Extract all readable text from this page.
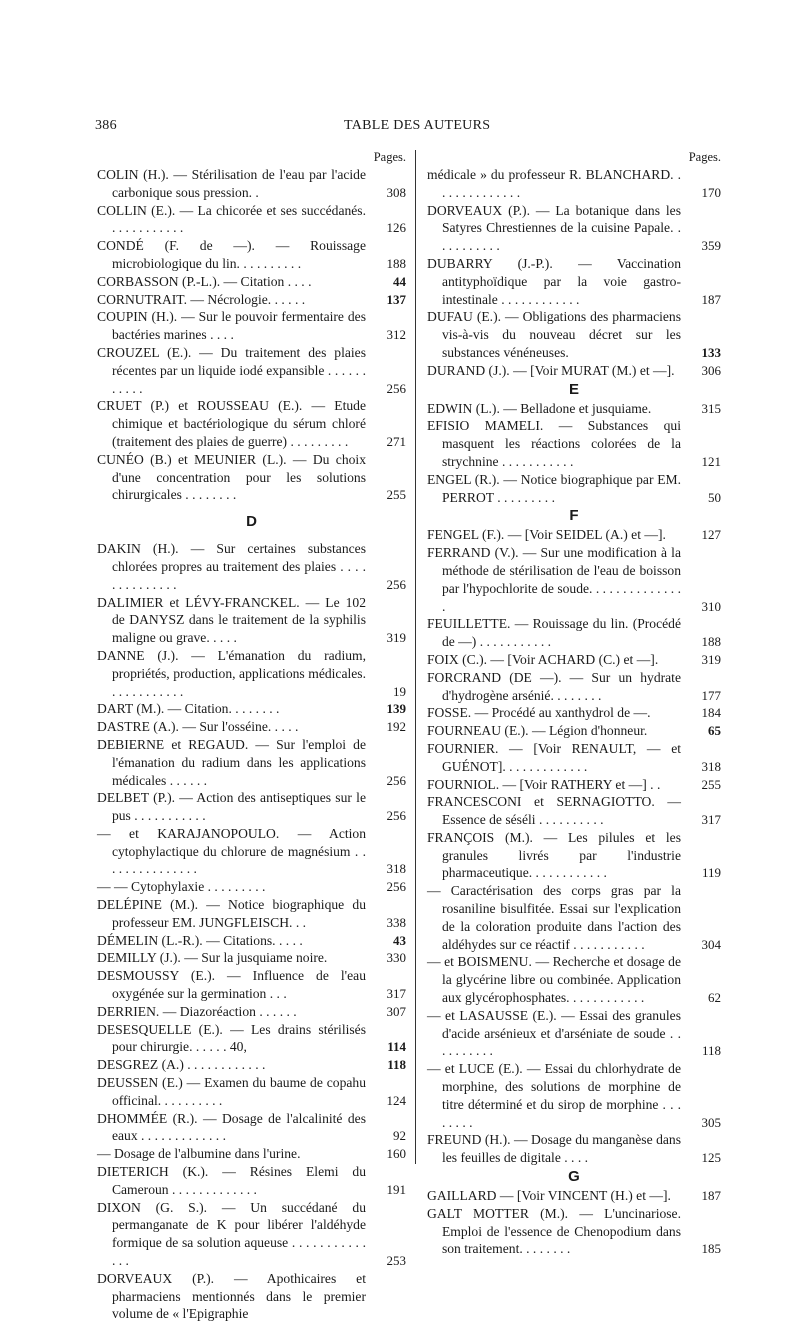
386	TABLE DES AUTEURS
Pages.
COLIN (H.). — Stérilisation de l'eau par l'acide carbonique sous pression. .	308
COLLIN (E.). — La chicorée et ses succédanés. . . . . . . . . . . .	126
CONDÉ (F. de —). — Rouissage microbiologique du lin. . . . . . . . . .	188
CORBASSON (P.-L.). — Citation . . . .	44
CORNUTRAIT. — Nécrologie. . . . . .	137
COUPIN (H.). — Sur le pouvoir fermentaire des bactéries marines . . . .	312
CROUZEL (E.). — Du traitement des plaies récentes par un liquide iodé expansible . . . . . . . . . . .	256
CRUET (P.) et ROUSSEAU (E.). — Etude chimique et bactériologique du sérum chloré (traitement des plaies de guerre) . . . . . . . . .	271
CUNÉO (B.) et MEUNIER (L.). — Du choix d'une concentration pour les solutions chirurgicales . . . . . . . .	255
D
DAKIN (H.). — Sur certaines substances chlorées propres au traitement des plaies . . . . . . . . . . . . . .	256
DALIMIER et LÉVY-FRANCKEL. — Le 102 de DANYSZ dans le traitement de la syphilis maligne ou grave. . . . .	319
DANNE (J.). — L'émanation du radium, propriétés, production, applications médicales. . . . . . . . . . . .	19
DART (M.). — Citation. . . . . . . .	139
DASTRE (A.). — Sur l'osséine. . . . .	192
DEBIERNE et REGAUD. — Sur l'emploi de l'émanation du radium dans les applications médicales . . . . . .	256
DELBET (P.). — Action des antiseptiques sur le pus . . . . . . . . . . .	256
— et KARAJANOPOULO. — Action cytophylactique du chlorure de magnésium . . . . . . . . . . . . . . .	318
— — Cytophylaxie . . . . . . . . .	256
DELÉPINE (M.). — Notice biographique du professeur EM. JUNGFLEISCH. . .	338
DÉMELIN (L.-R.). — Citations. . . . .	43
DEMILLY (J.). — Sur la jusquiame noire.	330
DESMOUSSY (E.). — Influence de l'eau oxygénée sur la germination . . .	317
DERRIEN. — Diazoréaction . . . . . .	307
DESESQUELLE (E.). — Les drains stérilisés pour chirurgie. . . . . . 40,	114
DESGREZ (A.) . . . . . . . . . . . .	118
DEUSSEN (E.) — Examen du baume de copahu officinal. . . . . . . . . .	124
DHOMMÉE (R.). — Dosage de l'alcalinité des eaux . . . . . . . . . . . . .	92
— Dosage de l'albumine dans l'urine.	160
DIETERICH (K.). — Résines Elemi du Cameroun . . . . . . . . . . . . .	191
DIXON (G. S.). — Un succédané du permanganate de K pour libérer l'aldéhyde formique de sa solution aqueuse . . . . . . . . . . . . . .	253
DORVEAUX (P.). — Apothicaires et pharmaciens mentionnés dans le premier volume de « l'Epigraphie
Pages.
médicale » du professeur R. BLANCHARD. . . . . . . . . . . . . .	170
DORVEAUX (P.). — La botanique dans les Satyres Chrestiennes de la cuisine Papale. . . . . . . . . . .	359
DUBARRY (J.-P.). — Vaccination antityphoïdique par la voie gastro-intestinale . . . . . . . . . . . .	187
DUFAU (E.). — Obligations des pharmaciens vis-à-vis du nouveau décret sur les substances vénéneuses.	133
DURAND (J.). — [Voir MURAT (M.) et —].	306
E
EDWIN (L.). — Belladone et jusquiame.	315
EFISIO MAMELI. — Substances qui masquent les réactions colorées de la strychnine . . . . . . . . . . .	121
ENGEL (R.). — Notice biographique par EM. PERROT . . . . . . . . .	50
F
FENGEL (F.). — [Voir SEIDEL (A.) et —].	127
FERRAND (V.). — Sur une modification à la méthode de stérilisation de l'eau de boisson par l'hypochlorite de soude. . . . . . . . . . . . . . .	310
FEUILLETTE. — Rouissage du lin. (Procédé de —) . . . . . . . . . . .	188
FOIX (C.). — [Voir ACHARD (C.) et —].	319
FORCRAND (DE —). — Sur un hydrate d'hydrogène arsénié. . . . . . . .	177
FOSSE. — Procédé au xanthydrol de —.	184
FOURNEAU (E.). — Légion d'honneur.	65
FOURNIER. — [Voir RENAULT, — et GUÉNOT]. . . . . . . . . . . . .	318
FOURNIOL. — [Voir RATHERY et —] . .	255
FRANCESCONI et SERNAGIOTTO. — Essence de séséli . . . . . . . . . .	317
FRANÇOIS (M.). — Les pilules et les granules livrés par l'industrie pharmaceutique. . . . . . . . . . . .	119
— Caractérisation des corps gras par la rosaniline bisulfitée. Essai sur l'explication de la coloration produite dans l'action des aldéhydes sur ce réactif . . . . . . . . . . .	304
— et BOISMENU. — Recherche et dosage de la glycérine libre ou combinée. Application aux glycérophosphates. . . . . . . . . . . .	62
— et LASAUSSE (E.). — Essai des granules d'acide arsénieux et d'arséniate de soude . . . . . . . . . .	118
— et LUCE (E.). — Essai du chlorhydrate de morphine, des solutions de morphine de titre déterminé et du sirop de morphine . . . . . . . .	305
FREUND (H.). — Dosage du manganèse dans les feuilles de digitale . . . .	125
G
GAILLARD — [Voir VINCENT (H.) et —].	187
GALT MOTTER (M.). — L'uncinariose. Emploi de l'essence de Chenopodium dans son traitement. . . . . . . .	185
